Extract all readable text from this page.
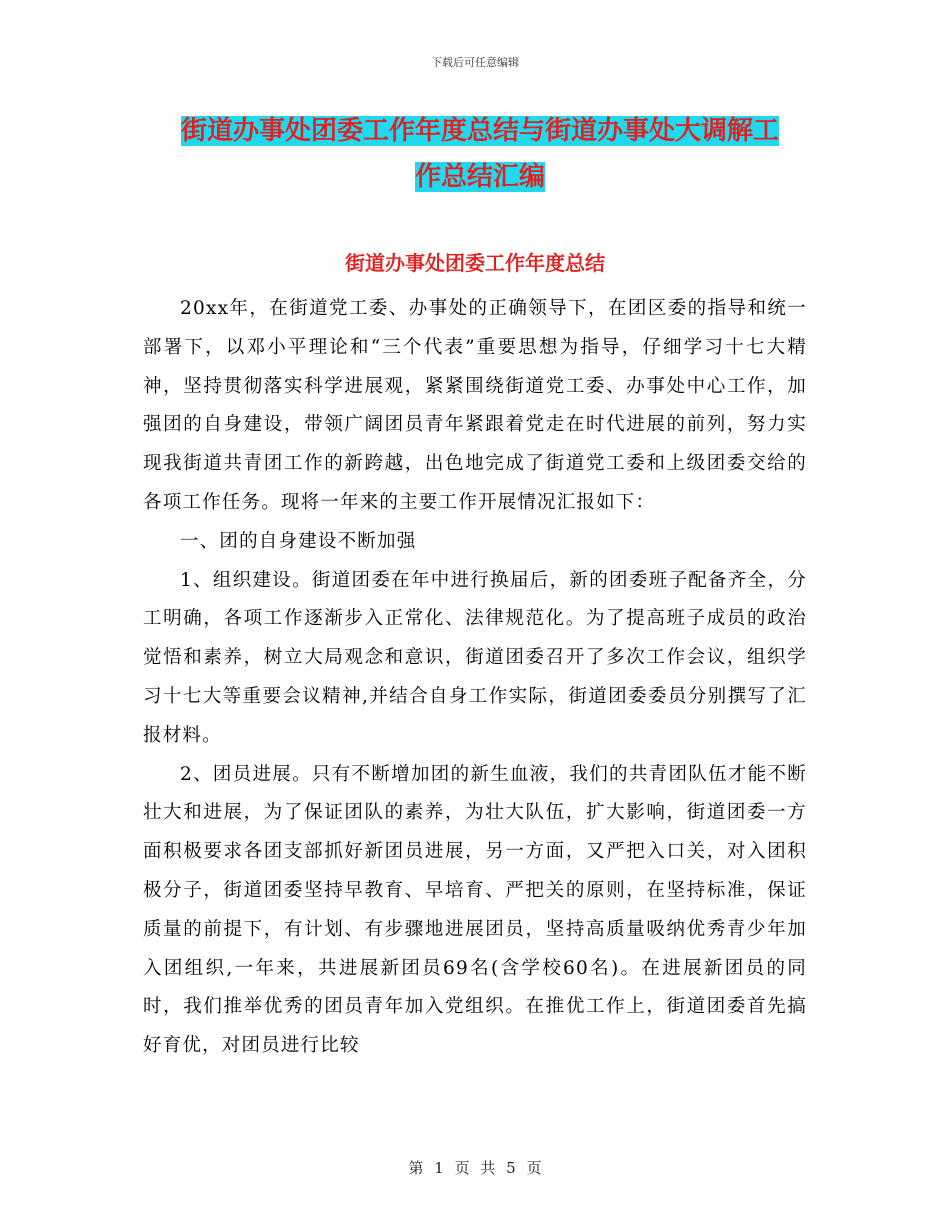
下载后可任意编辑
街道办事处团委工作年度总结与街道办事处大调解工
作总结汇编
街道办事处团委工作年度总结

20xx年，在街道党工委、办事处的正确领导下，在团区委的指导和统一部署下，以邓小平理论和“三个代表”重要思想为指导，仔细学习十七大精神，坚持贯彻落实科学进展观，紧紧围绕街道党工委、办事处中心工作，加强团的自身建设，带领广阔团员青年紧跟着党走在时代进展的前列，努力实现我街道共青团工作的新跨越，出色地完成了街道党工委和上级团委交给的各项工作任务。现将一年来的主要工作开展情况汇报如下：

一、团的自身建设不断加强

1、组织建设。街道团委在年中进行换届后，新的团委班子配备齐全，分工明确，各项工作逐渐步入正常化、法律规范化。为了提高班子成员的政治觉悟和素养，树立大局观念和意识，街道团委召开了多次工作会议，组织学习十七大等重要会议精神,并结合自身工作实际，街道团委委员分别撰写了汇报材料。

2、团员进展。只有不断增加团的新生血液，我们的共青团队伍才能不断壮大和进展，为了保证团队的素养，为壮大队伍，扩大影响，街道团委一方面积极要求各团支部抓好新团员进展，另一方面，又严把入口关，对入团积极分子，街道团委坚持早教育、早培育、严把关的原则，在坚持标准，保证质量的前提下，有计划、有步骤地进展团员，坚持高质量吸纳优秀青少年加入团组织,一年来，共进展新团员69名(含学校60名)。在进展新团员的同时，我们推举优秀的团员青年加入党组织。在推优工作上，街道团委首先搞好育优，对团员进行比较

第 1 页 共 5 页
